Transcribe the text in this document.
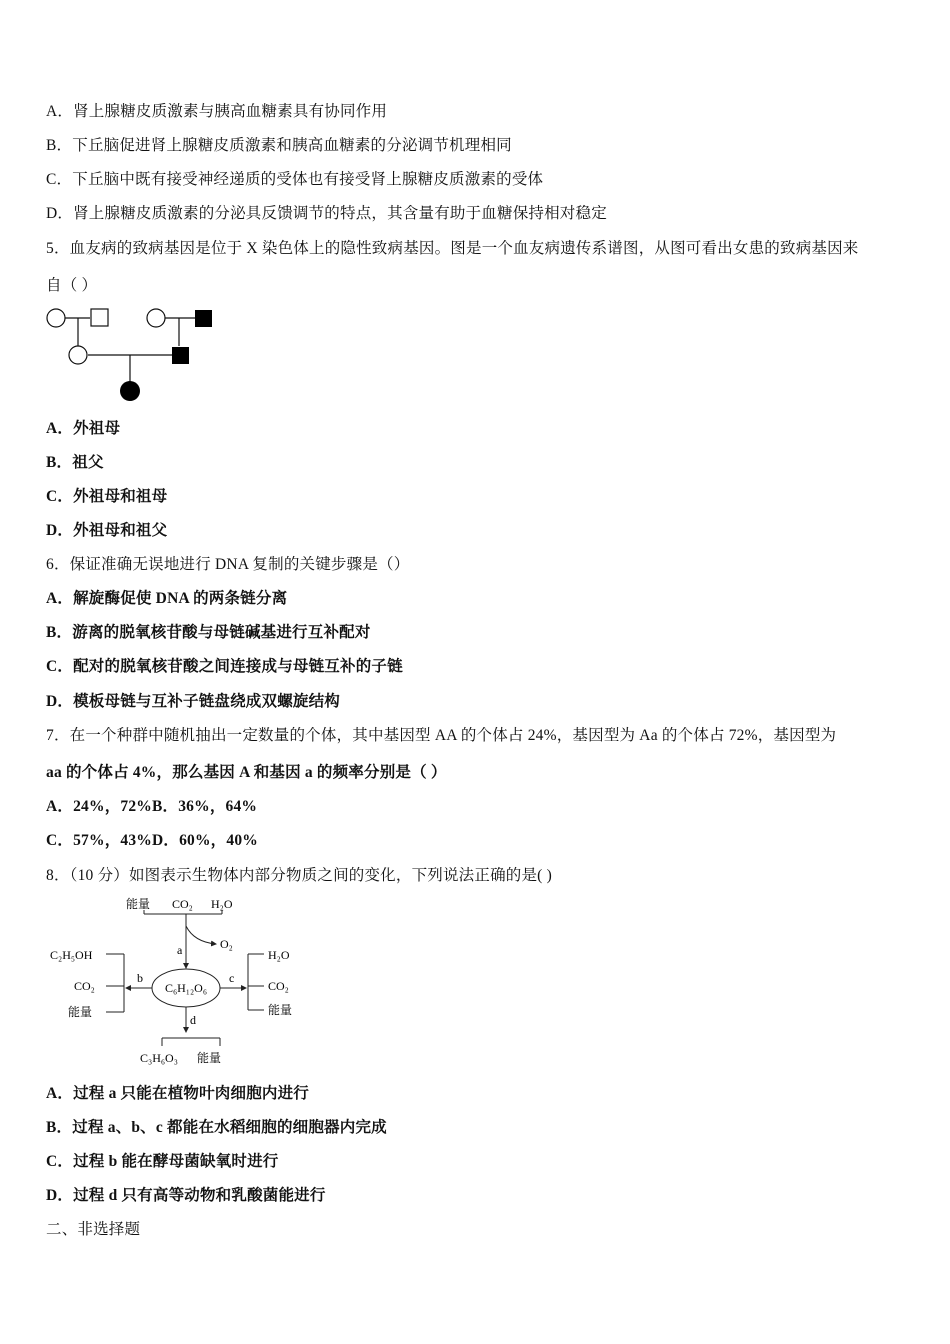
A．肾上腺糖皮质激素与胰高血糖素具有协同作用
B．下丘脑促进肾上腺糖皮质激素和胰高血糖素的分泌调节机理相同
C．下丘脑中既有接受神经递质的受体也有接受肾上腺糖皮质激素的受体
D．肾上腺糖皮质激素的分泌具反馈调节的特点，其含量有助于血糖保持相对稳定
5．血友病的致病基因是位于 X 染色体上的隐性致病基因。图是一个血友病遗传系谱图，从图可看出女患的致病基因来
自（ ）
A．外祖母
B．祖父
C．外祖母和祖母
D．外祖母和祖父
6．保证准确无误地进行 DNA 复制的关键步骤是（）
A．解旋酶促使 DNA 的两条链分离
B．游离的脱氧核苷酸与母链碱基进行互补配对
C．配对的脱氧核苷酸之间连接成与母链互补的子链
D．模板母链与互补子链盘绕成双螺旋结构
7．在一个种群中随机抽出一定数量的个体，其中基因型 AA 的个体占 24%，基因型为 Aa 的个体占 72%，基因型为
aa 的个体占 4%，那么基因 A 和基因 a 的频率分别是（ ）
A．24%，72%B．36%，64%
C．57%，43%D．60%，40%
8．（10 分）如图表示生物体内部分物质之间的变化，下列说法正确的是( )
能量 CO₂ H₂O
O₂
a
C₆H₁₂O₆
C₂H₅OH
CO₂
能量
b
H₂O
CO₂
能量
c
d
C₃H₆O₃ 能量
A．过程 a 只能在植物叶肉细胞内进行
B．过程 a、b、c 都能在水稻细胞的细胞器内完成
C．过程 b 能在酵母菌缺氧时进行
D．过程 d 只有高等动物和乳酸菌能进行
二、非选择题
